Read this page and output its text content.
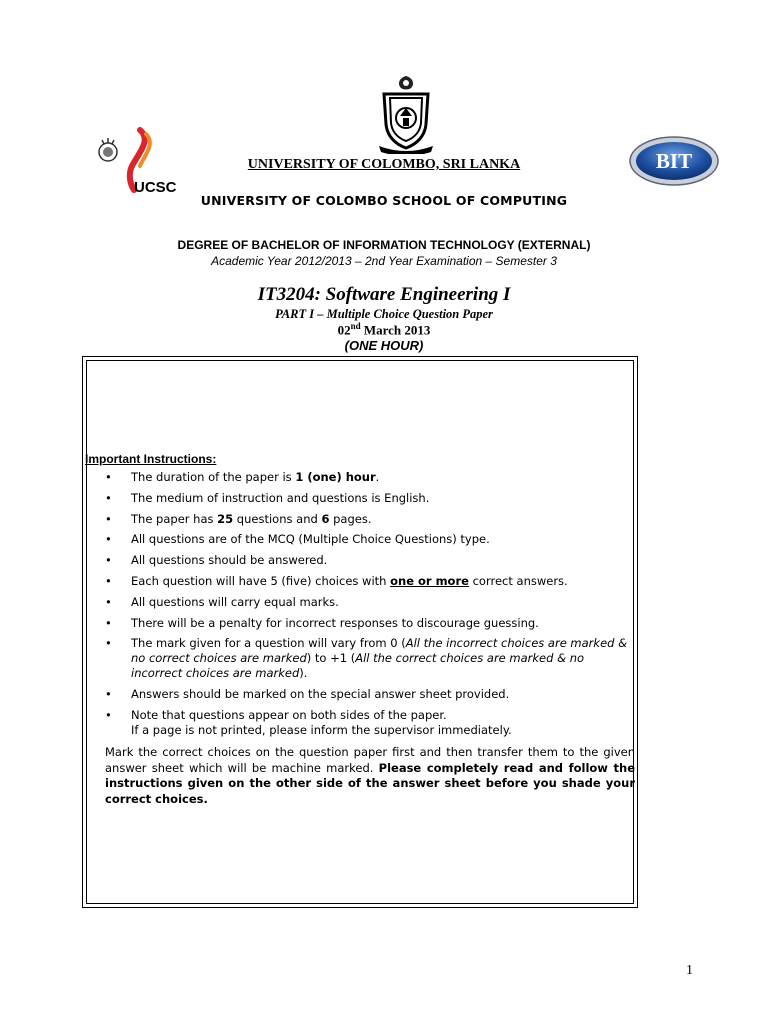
UCSC
BIT
UNIVERSITY OF COLOMBO, SRI LANKA
UNIVERSITY OF COLOMBO SCHOOL OF COMPUTING
DEGREE OF BACHELOR OF INFORMATION TECHNOLOGY (EXTERNAL)
Academic Year 2012/2013 – 2nd Year Examination – Semester 3
IT3204: Software Engineering I
PART I – Multiple Choice Question Paper
02nd March 2013
(ONE HOUR)
Important Instructions:
• The duration of the paper is 1 (one) hour.
• The medium of instruction and questions is English.
• The paper has 25 questions and 6 pages.
• All questions are of the MCQ (Multiple Choice Questions) type.
• All questions should be answered.
• Each question will have 5 (five) choices with one or more correct answers.
• All questions will carry equal marks.
• There will be a penalty for incorrect responses to discourage guessing.
• The mark given for a question will vary from 0 (All the incorrect choices are marked & no correct choices are marked) to +1 (All the correct choices are marked & no incorrect choices are marked).
• Answers should be marked on the special answer sheet provided.
• Note that questions appear on both sides of the paper.
If a page is not printed, please inform the supervisor immediately.
Mark the correct choices on the question paper first and then transfer them to the given answer sheet which will be machine marked. Please completely read and follow the instructions given on the other side of the answer sheet before you shade your correct choices.
1
